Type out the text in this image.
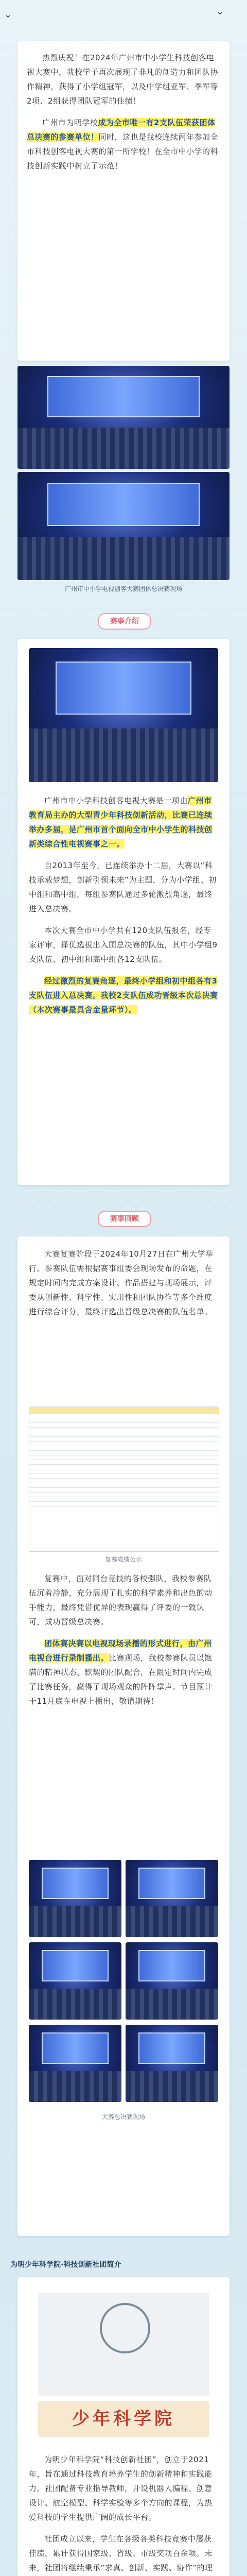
⌄	⌄

热烈庆祝！在2024年广州市中小学生科技创客电视大赛中，我校学子再次展现了非凡的创造力和团队协作精神，获得了小学组冠军，以及中学组亚军、季军等2项、2组获得团队冠军的佳绩！

广州市为明学校成为全市唯一有2支队伍荣获团体总决赛的参赛单位！同时，这也是我校连续两年参加全市科技创客电视大赛的第一所学校！在全市中小学的科技创新实践中树立了示范！

广州市中小学电视创客大赛团体总决赛现场
赛事介绍

广州市中小学科技创客电视大赛是一项由广州市教育局主办的大型青少年科技创新活动，比赛已连续举办多届，是广州市首个面向全市中小学生的科技创新类综合性电视赛事之一。

自2013年至今，已连续举办十二届，大赛以“科技承载梦想，创新引领未来”为主题，分为小学组、初中组和高中组，每组参赛队通过多轮激烈角逐，最终进入总决赛。

本次大赛全市中小学共有120支队伍报名，经专家评审，择优选拔出入围总决赛的队伍，其中小学组9支队伍、初中组和高中组各12支队伍。

经过激烈的复赛角逐，最终小学组和初中组各有3支队伍进入总决赛。我校2支队伍成功晋级本次总决赛（本次赛事最具含金量环节）。

赛事回顾

大赛复赛阶段于2024年10月27日在广州大学举行。参赛队伍需根据赛事组委会现场发布的命题，在规定时间内完成方案设计、作品搭建与现场展示，评委从创新性、科学性、实用性和团队协作等多个维度进行综合评分，最终评选出晋级总决赛的队伍名单。

复赛成绩公示

复赛中，面对同台竞技的各校强队，我校参赛队伍沉着冷静，充分展现了扎实的科学素养和出色的动手能力，最终凭借优异的表现赢得了评委的一致认可，成功晋级总决赛。

团体赛决赛以电视现场录播的形式进行，由广州电视台进行录制播出。比赛现场，我校参赛队员以饱满的精神状态、默契的团队配合，在限定时间内完成了比赛任务，赢得了现场观众的阵阵掌声。节目预计于11月底在电视上播出，敬请期待！

大赛总决赛现场
为明少年科学院·科技创新社团简介
少年科学院

为明少年科学院“科技创新社团”，创立于2021年，旨在通过科技教育培养学生的创新精神和实践能力。社团配备专业指导教师，开设机器人编程、创意设计、航空模型、科学实验等多个方向的课程，为热爱科技的学生提供广阔的成长平台。

社团成立以来，学生在各级各类科技竞赛中屡获佳绩，累计获得国家级、省级、市级奖项百余项。未来，社团将继续秉承“求真、创新、实践、协作”的理
